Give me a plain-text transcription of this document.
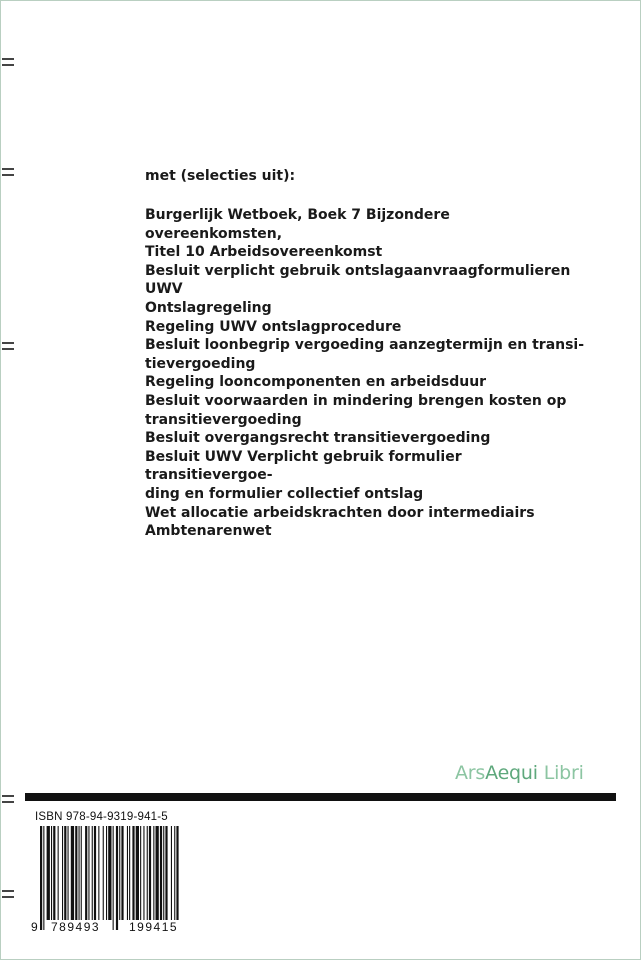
met (selecties uit):

Burgerlijk Wetboek, Boek 7 Bijzondere overeenkomsten,
Titel 10 Arbeidsovereenkomst
Besluit verplicht gebruik ontslagaanvraagformulieren
UWV
Ontslagregeling
Regeling UWV ontslagprocedure
Besluit loonbegrip vergoeding aanzegtermijn en transi-
tievergoeding
Regeling looncomponenten en arbeidsduur
Besluit voorwaarden in mindering brengen kosten op
transitievergoeding
Besluit overgangsrecht transitievergoeding
Besluit UWV Verplicht gebruik formulier transitievergoe-
ding en formulier collectief ontslag
Wet allocatie arbeidskrachten door intermediairs
Ambtenarenwet
ArsAequi Libri
ISBN 978-94-9319-941-5
9 789493 199415
